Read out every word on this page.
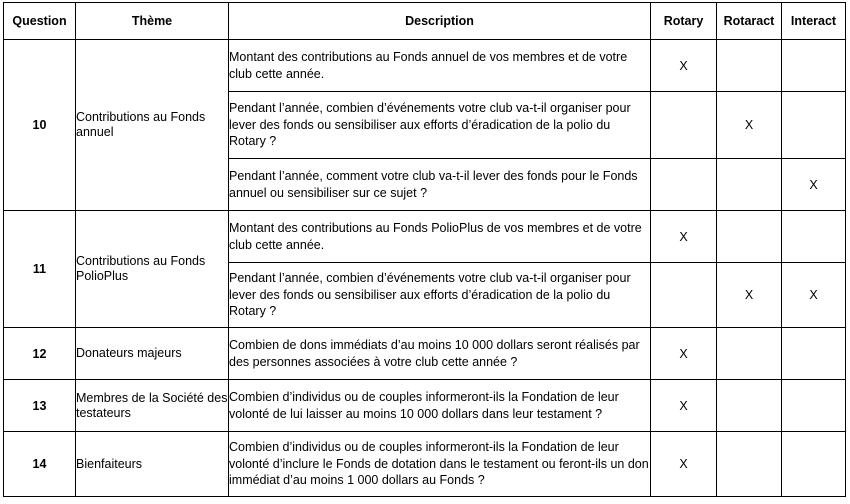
Question	Thème	Description	Rotary	Rotaract	Interact
10	Contributions au Fonds annuel	Montant des contributions au Fonds annuel de vos membres et de votre club cette année.	X		
		Pendant l’année, combien d’événements votre club va-t-il organiser pour lever des fonds ou sensibiliser aux efforts d’éradication de la polio du Rotary ?		X	
		Pendant l’année, comment votre club va-t-il lever des fonds pour le Fonds annuel ou sensibiliser sur ce sujet ?			X
11	Contributions au Fonds PolioPlus	Montant des contributions au Fonds PolioPlus de vos membres et de votre club cette année.	X		
		Pendant l’année, combien d’événements votre club va-t-il organiser pour lever des fonds ou sensibiliser aux efforts d’éradication de la polio du Rotary ?		X	X
12	Donateurs majeurs	Combien de dons immédiats d’au moins 10 000 dollars seront réalisés par des personnes associées à votre club cette année ?	X		
13	Membres de la Société des testateurs	Combien d’individus ou de couples informeront-ils la Fondation de leur volonté de lui laisser au moins 10 000 dollars dans leur testament ?	X		
14	Bienfaiteurs	Combien d’individus ou de couples informeront-ils la Fondation de leur volonté d’inclure le Fonds de dotation dans le testament ou feront-ils un don immédiat d’au moins 1 000 dollars au Fonds ?	X		
